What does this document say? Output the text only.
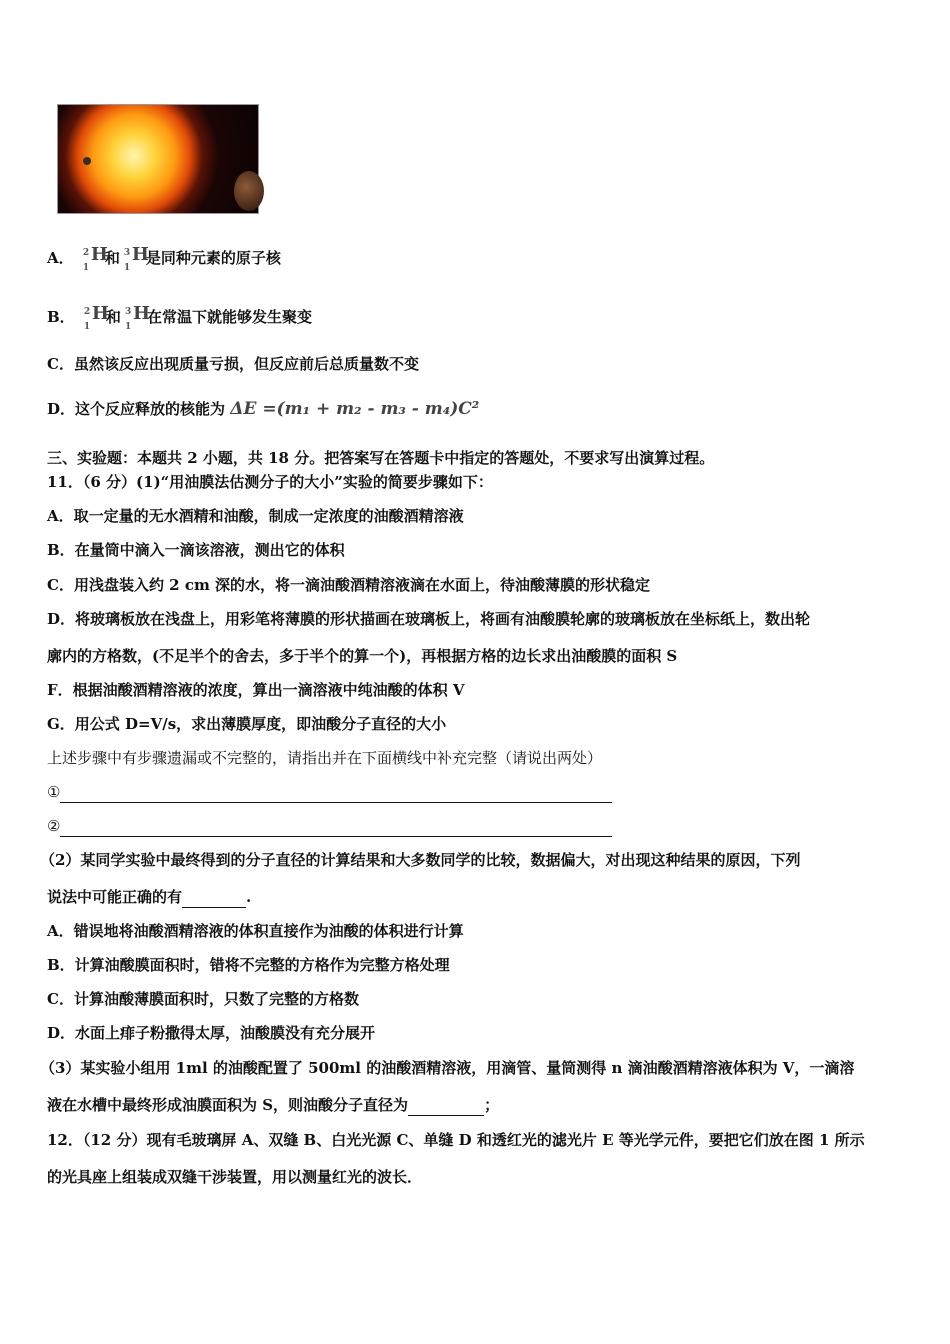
A． 2
1
H
和 3
1
H
是同种元素的原子核
B． 2
1
H
和 3
1
H
在常温下就能够发生聚变
C．虽然该反应出现质量亏损，但反应前后总质量数不变
D．这个反应释放的核能为 ΔE =(m₁ + m₂ - m₃ - m₄)C²
三、实验题：本题共 2 小题，共 18 分。把答案写在答题卡中指定的答题处，不要求写出演算过程。
11．（6 分）(1)“用油膜法估测分子的大小”实验的简要步骤如下：
A．取一定量的无水酒精和油酸，制成一定浓度的油酸酒精溶液
B．在量筒中滴入一滴该溶液，测出它的体积
C．用浅盘装入约 2 cm 深的水，将一滴油酸酒精溶液滴在水面上，待油酸薄膜的形状稳定
D．将玻璃板放在浅盘上，用彩笔将薄膜的形状描画在玻璃板上，将画有油酸膜轮廓的玻璃板放在坐标纸上，数出轮
廓内的方格数，(不足半个的舍去，多于半个的算一个)，再根据方格的边长求出油酸膜的面积 S
F．根据油酸酒精溶液的浓度，算出一滴溶液中纯油酸的体积 V
G．用公式 D=V/s，求出薄膜厚度，即油酸分子直径的大小
上述步骤中有步骤遗漏或不完整的，请指出并在下面横线中补充完整（请说出两处）
①
②
（2）某同学实验中最终得到的分子直径的计算结果和大多数同学的比较，数据偏大，对出现这种结果的原因，下列
说法中可能正确的有	.
A．错误地将油酸酒精溶液的体积直接作为油酸的体积进行计算
B．计算油酸膜面积时，错将不完整的方格作为完整方格处理
C．计算油酸薄膜面积时，只数了完整的方格数
D．水面上痱子粉撒得太厚，油酸膜没有充分展开
（3）某实验小组用 1ml 的油酸配置了 500ml 的油酸酒精溶液，用滴管、量筒测得 n 滴油酸酒精溶液体积为 V，一滴溶
液在水槽中最终形成油膜面积为 S，则油酸分子直径为	；
12．（12 分）现有毛玻璃屏 A、双缝 B、白光光源 C、单缝 D 和透红光的滤光片 E 等光学元件，要把它们放在图 1 所示
的光具座上组装成双缝干涉装置，用以测量红光的波长．
